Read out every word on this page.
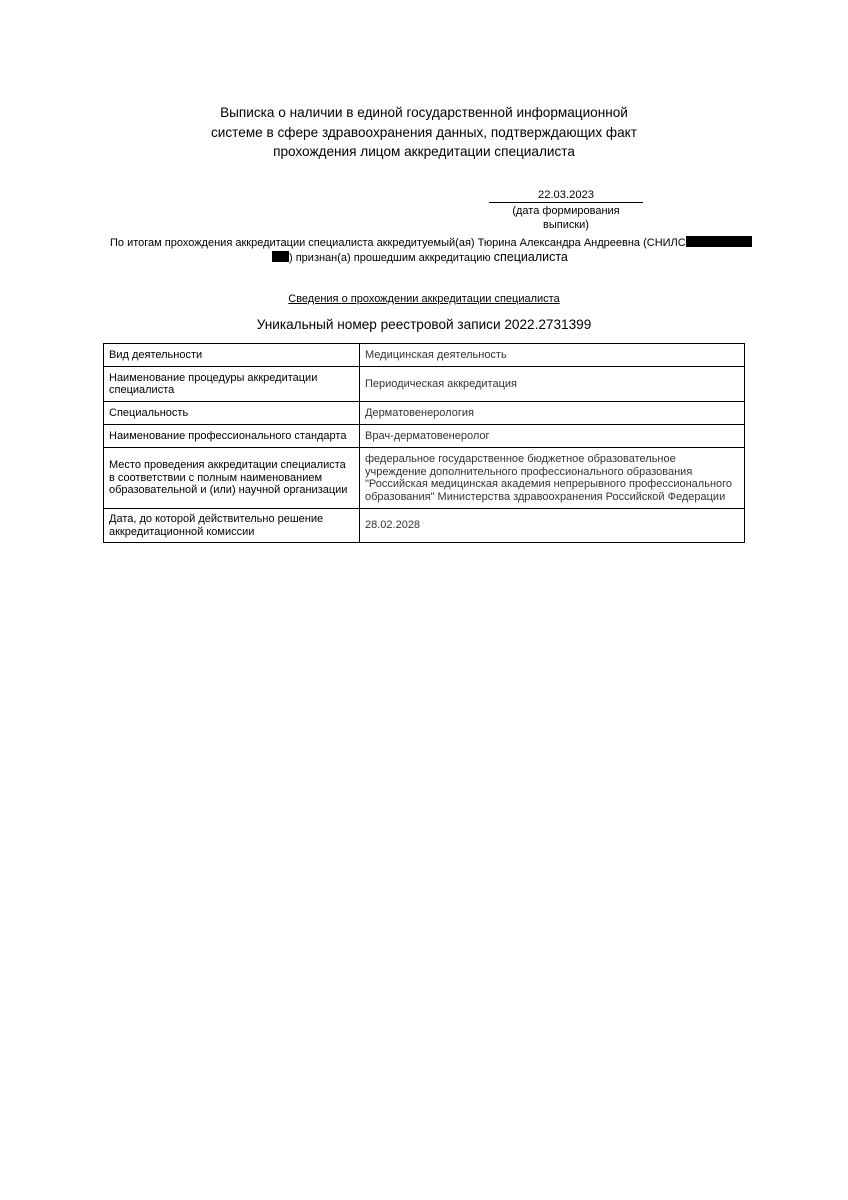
Выписка о наличии в единой государственной информационной
системе в сфере здравоохранения данных, подтверждающих факт
прохождения лицом аккредитации специалиста
22.03.2023
(дата формирования выписки)
По итогам прохождения аккредитации специалиста аккредитуемый(ая) Тюрина Александра Андреевна (СНИЛС
) признан(а) прошедшим аккредитацию специалиста
Сведения о прохождении аккредитации специалиста
Уникальный номер реестровой записи 2022.2731399
Вид деятельности	Медицинская деятельность
Наименование процедуры аккредитации специалиста	Периодическая аккредитация
Специальность	Дерматовенерология
Наименование профессионального стандарта	Врач-дерматовенеролог
Место проведения аккредитации специалиста в соответствии с полным наименованием образовательной и (или) научной организации	федеральное государственное бюджетное образовательное учреждение дополнительного профессионального образования "Российская медицинская академия непрерывного профессионального образования" Министерства здравоохранения Российской Федерации
Дата, до которой действительно решение аккредитационной комиссии	28.02.2028
